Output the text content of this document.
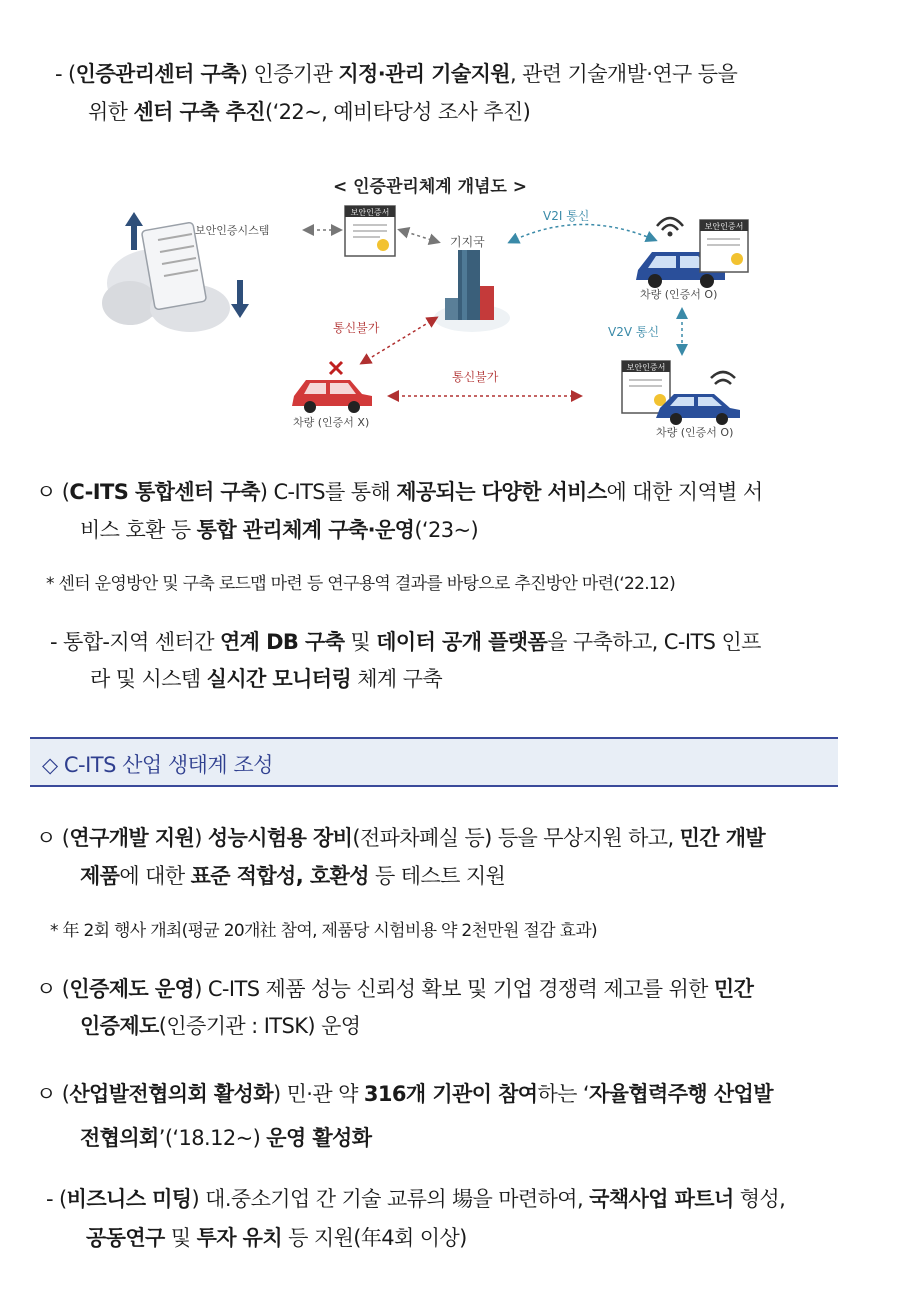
- (인증관리센터 구축) 인증기관 지정·관리 기술지원, 관련 기술개발·연구 등을
위한 센터 구축 추진(‘22~, 예비타당성 조사 추진)
< 인증관리체계 개념도 >
보안인증시스템
보안인증서
기지국
V2I 통신
보안인증서
차량 (인증서 O)
V2V 통신
통신불가
차량 (인증서 X)
통신불가
보안인증서
차량 (인증서 O)
ㅇ (C-ITS 통합센터 구축) C-ITS를 통해 제공되는 다양한 서비스에 대한 지역별 서
비스 호환 등 통합 관리체계 구축·운영(‘23~)
* 센터 운영방안 및 구축 로드맵 마련 등 연구용역 결과를 바탕으로 추진방안 마련(‘22.12)
- 통합-지역 센터간 연계 DB 구축 및 데이터 공개 플랫폼을 구축하고, C-ITS 인프
라 및 시스템 실시간 모니터링 체계 구축
◇ C-ITS 산업 생태계 조성
ㅇ (연구개발 지원) 성능시험용 장비(전파차폐실 등) 등을 무상지원 하고, 민간 개발
제품에 대한 표준 적합성, 호환성 등 테스트 지원
* 年 2회 행사 개최(평균 20개社 참여, 제품당 시험비용 약 2천만원 절감 효과)
ㅇ (인증제도 운영) C-ITS 제품 성능 신뢰성 확보 및 기업 경쟁력 제고를 위한 민간
인증제도(인증기관 : ITSK) 운영
ㅇ (산업발전협의회 활성화) 민·관 약 316개 기관이 참여하는 ‘자율협력주행 산업발
전협의회’(‘18.12~) 운영 활성화
- (비즈니스 미팅) 대.중소기업 간 기술 교류의 場을 마련하여, 국책사업 파트너 형성,
공동연구 및 투자 유치 등 지원(年4회 이상)
